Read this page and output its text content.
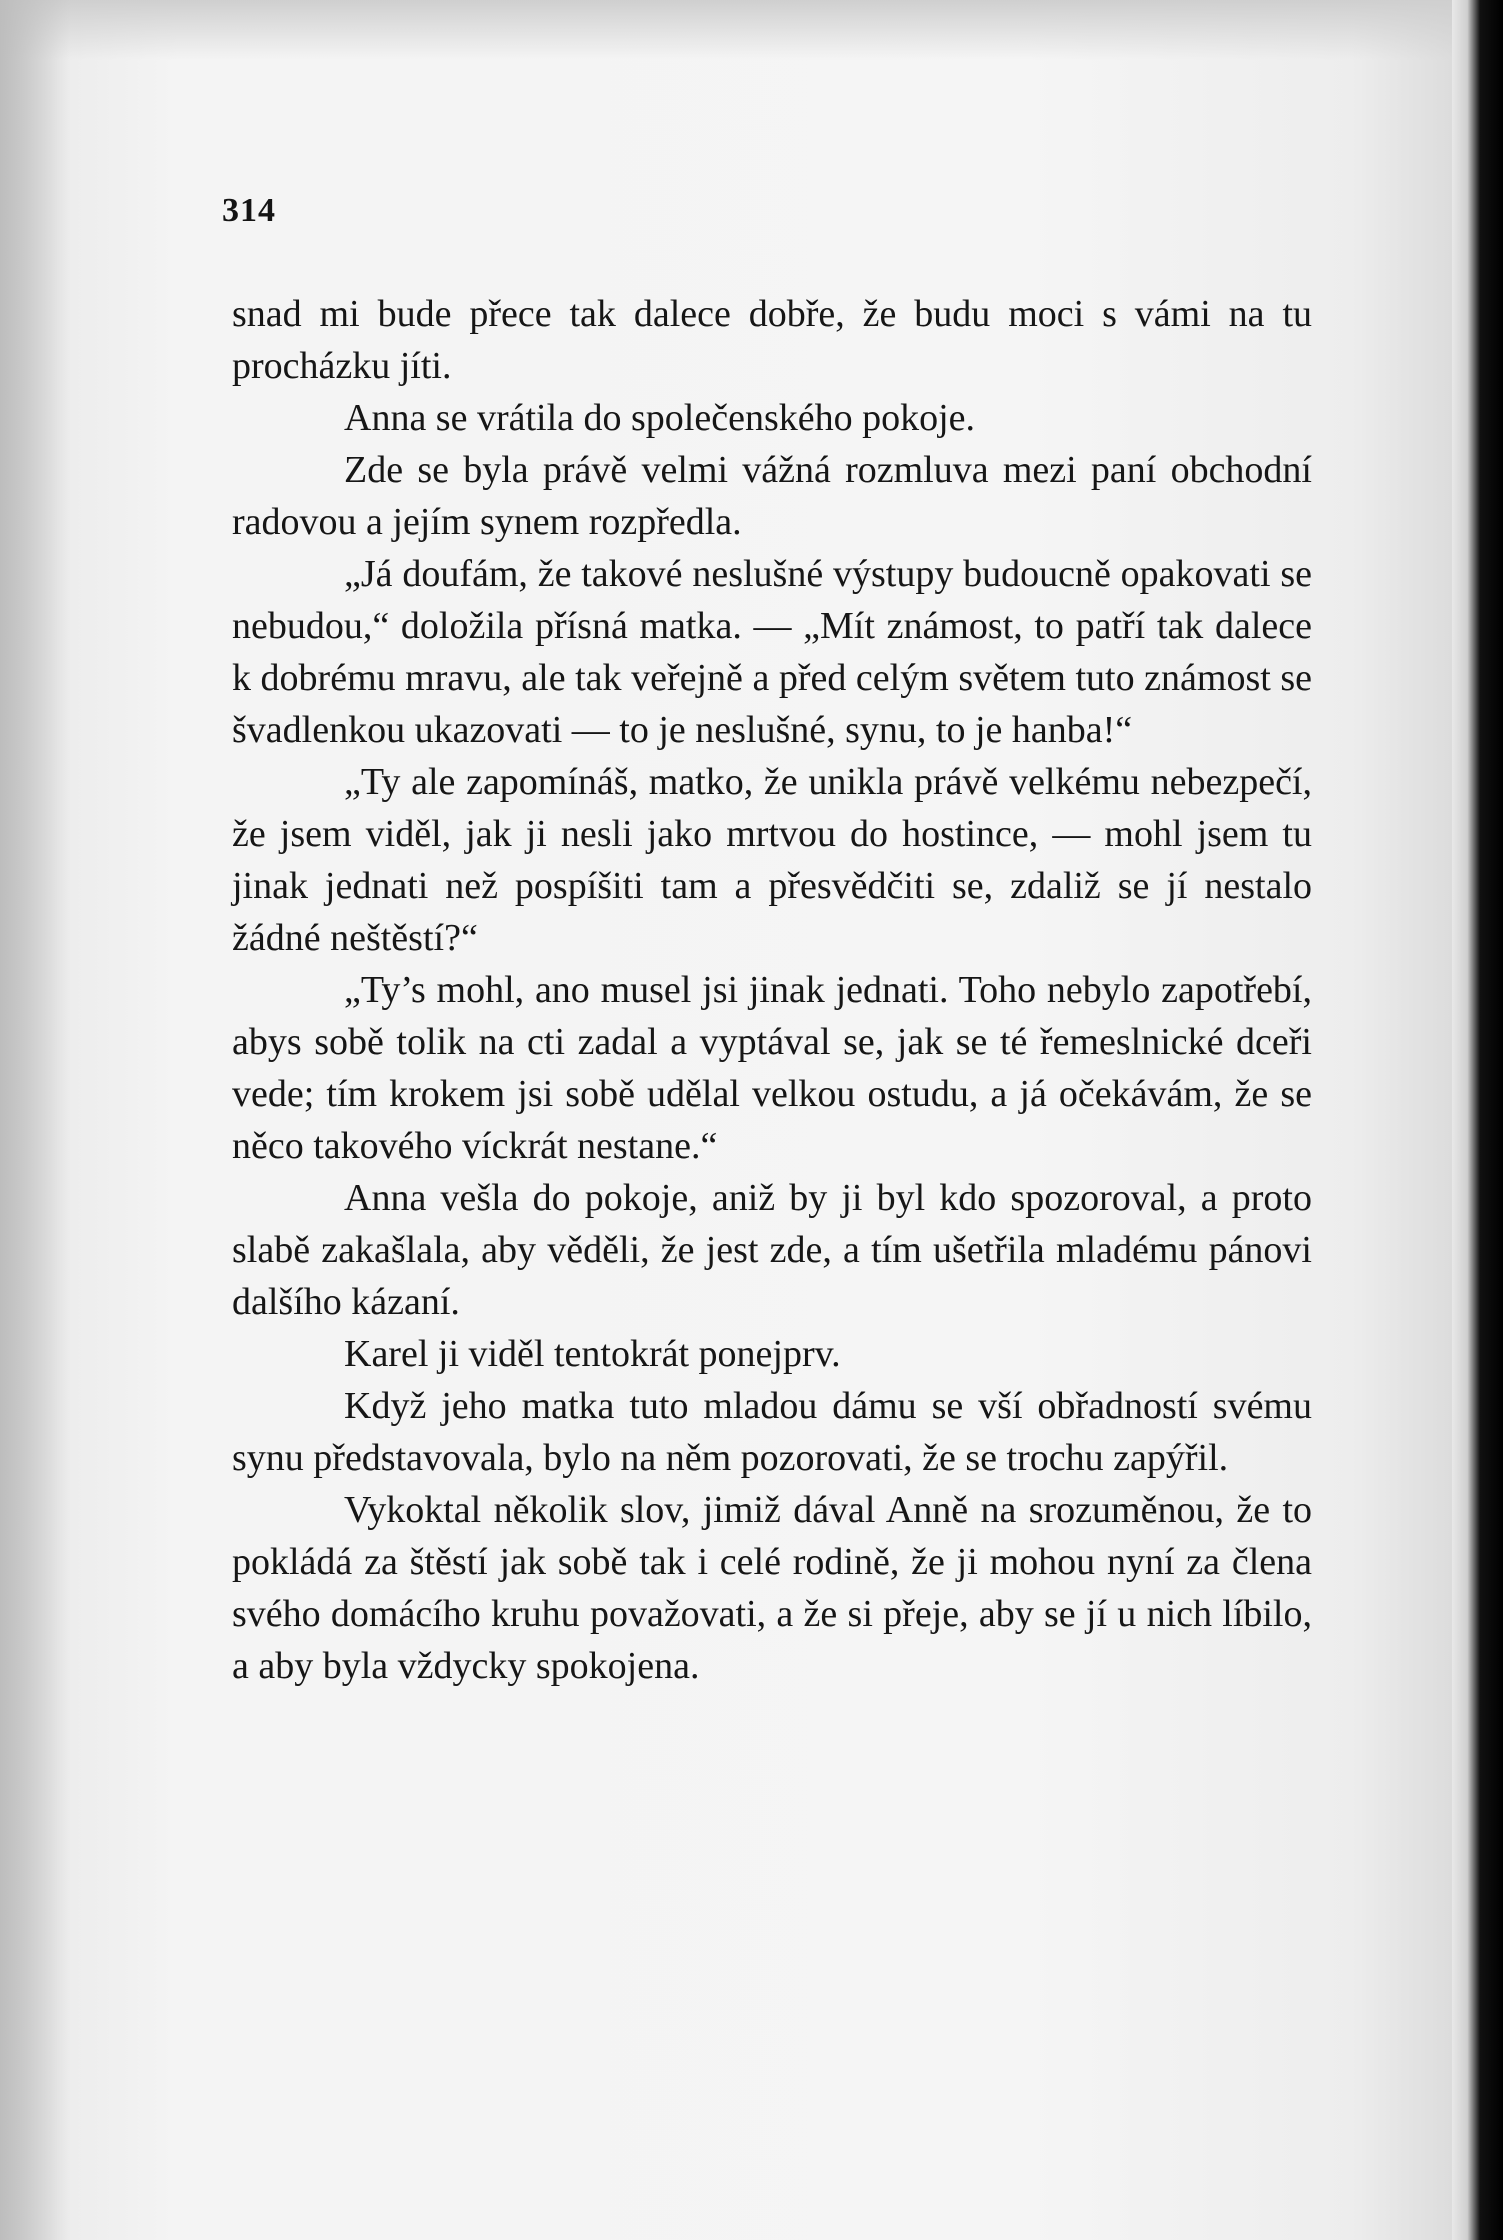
314

snad mi bude přece tak dalece dobře, že budu moci s vámi na tu procházku jíti.

Anna se vrátila do společenského pokoje.

Zde se byla právě velmi vážná rozmluva mezi paní obchodní radovou a jejím synem rozpředla.

„Já doufám, že takové neslušné výstupy budoucně opakovati se nebudou,“ doložila přísná matka. — „Mít známost, to patří tak dalece k dobrému mravu, ale tak veřejně a před celým světem tuto známost se švadlenkou ukazovati — to je neslušné, synu, to je hanba!“

„Ty ale zapomínáš, matko, že unikla právě velkému nebezpečí, že jsem viděl, jak ji nesli jako mrtvou do hostince, — mohl jsem tu jinak jednati než pospíšiti tam a přesvědčiti se, zdaliž se jí nestalo žádné neštěstí?“

„Ty’s mohl, ano musel jsi jinak jednati. Toho nebylo zapotřebí, abys sobě tolik na cti zadal a vyptával se, jak se té řemeslnické dceři vede; tím krokem jsi sobě udělal velkou ostudu, a já očekávám, že se něco takového víckrát nestane.“

Anna vešla do pokoje, aniž by ji byl kdo spozoroval, a proto slabě zakašlala, aby věděli, že jest zde, a tím ušetřila mladému pánovi dalšího kázaní.

Karel ji viděl tentokrát ponejprv.

Když jeho matka tuto mladou dámu se vší obřadností svému synu představovala, bylo na něm pozorovati, že se trochu zapýřil.

Vykoktal několik slov, jimiž dával Anně na srozuměnou, že to pokládá za štěstí jak sobě tak i celé rodině, že ji mohou nyní za člena svého domácího kruhu považovati, a že si přeje, aby se jí u nich líbilo, a aby byla vždycky spokojena.
